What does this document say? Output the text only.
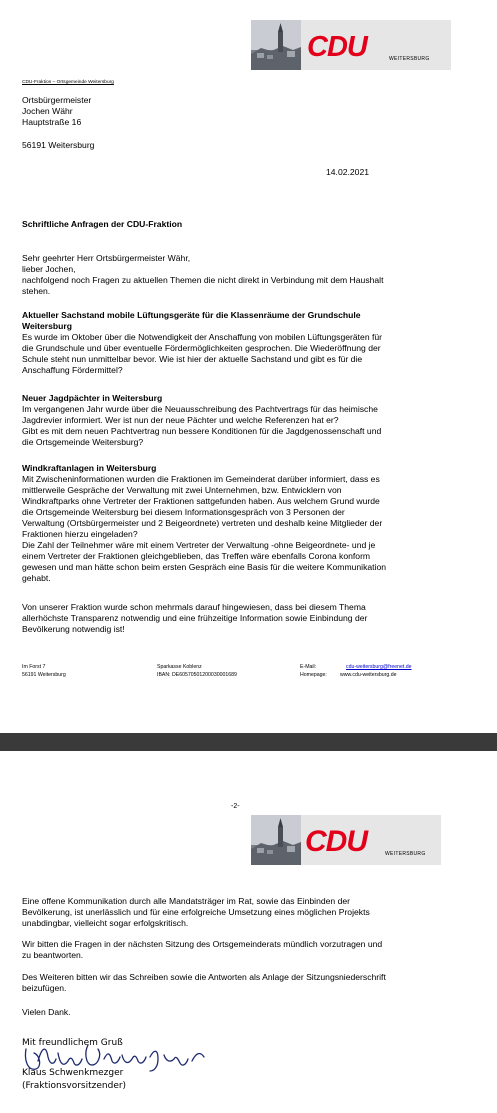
CDU	WEITERSBURG
CDU-Fraktion – Ortsgemeinde Weitersburg
Ortsbürgermeister
Jochen Währ
Hauptstraße 16
56191 Weitersburg
14.02.2021
Schriftliche Anfragen der CDU-Fraktion
Sehr geehrter Herr Ortsbürgermeister Währ,
lieber Jochen,
nachfolgend noch Fragen zu aktuellen Themen die nicht direkt in Verbindung mit dem Haushalt
stehen.
Aktueller Sachstand mobile Lüftungsgeräte für die Klassenräume der Grundschule
Weitersburg
Es wurde im Oktober über die Notwendigkeit der Anschaffung von mobilen Lüftungsgeräten für
die Grundschule und über eventuelle Fördermöglichkeiten gesprochen. Die Wiederöffnung der
Schule steht nun unmittelbar bevor. Wie ist hier der aktuelle Sachstand und gibt es für die
Anschaffung Fördermittel?
Neuer Jagdpächter in Weitersburg
Im vergangenen Jahr wurde über die Neuausschreibung des Pachtvertrags für das heimische
Jagdrevier informiert. Wer ist nun der neue Pächter und welche Referenzen hat er?
Gibt es mit dem neuen Pachtvertrag nun bessere Konditionen für die Jagdgenossenschaft und
die Ortsgemeinde Weitersburg?
Windkraftanlagen in Weitersburg
Mit Zwischeninformationen wurden die Fraktionen im Gemeinderat darüber informiert, dass es
mittlerweile Gespräche der Verwaltung mit zwei Unternehmen, bzw. Entwicklern von
Windkraftparks ohne Vertreter der Fraktionen sattgefunden haben. Aus welchem Grund wurde
die Ortsgemeinde Weitersburg bei diesem Informationsgespräch von 3 Personen der
Verwaltung (Ortsbürgermeister und 2 Beigeordnete) vertreten und deshalb keine Mitglieder der
Fraktionen hierzu eingeladen?
Die Zahl der Teilnehmer wäre mit einem Vertreter der Verwaltung -ohne Beigeordnete- und je
einem Vertreter der Fraktionen gleichgeblieben, das Treffen wäre ebenfalls Corona konform
gewesen und man hätte schon beim ersten Gespräch eine Basis für die weitere Kommunikation
gehabt.
Von unserer Fraktion wurde schon mehrmals darauf hingewiesen, dass bei diesem Thema
allerhöchste Transparenz notwendig und eine frühzeitige Information sowie Einbindung der
Bevölkerung notwendig ist!
Im Forst 7
56191 Weitersburg
Sparkasse Koblenz
IBAN: DE60570501200030001689
E-Mail:	cdu-weitersburg@freenet.de
Homepage:	www.cdu-weitersburg.de
-2-
CDU	WEITERSBURG
Eine offene Kommunikation durch alle Mandatsträger im Rat, sowie das Einbinden der
Bevölkerung, ist unerlässlich und für eine erfolgreiche Umsetzung eines möglichen Projekts
unabdingbar, vielleicht sogar erfolgskritisch.
Wir bitten die Fragen in der nächsten Sitzung des Ortsgemeinderats mündlich vorzutragen und
zu beantworten.
Des Weiteren bitten wir das Schreiben sowie die Antworten als Anlage der Sitzungsniederschrift
beizufügen.
Vielen Dank.
Mit freundlichem Gruß
Klaus Schwenkmezger
(Fraktionsvorsitzender)
